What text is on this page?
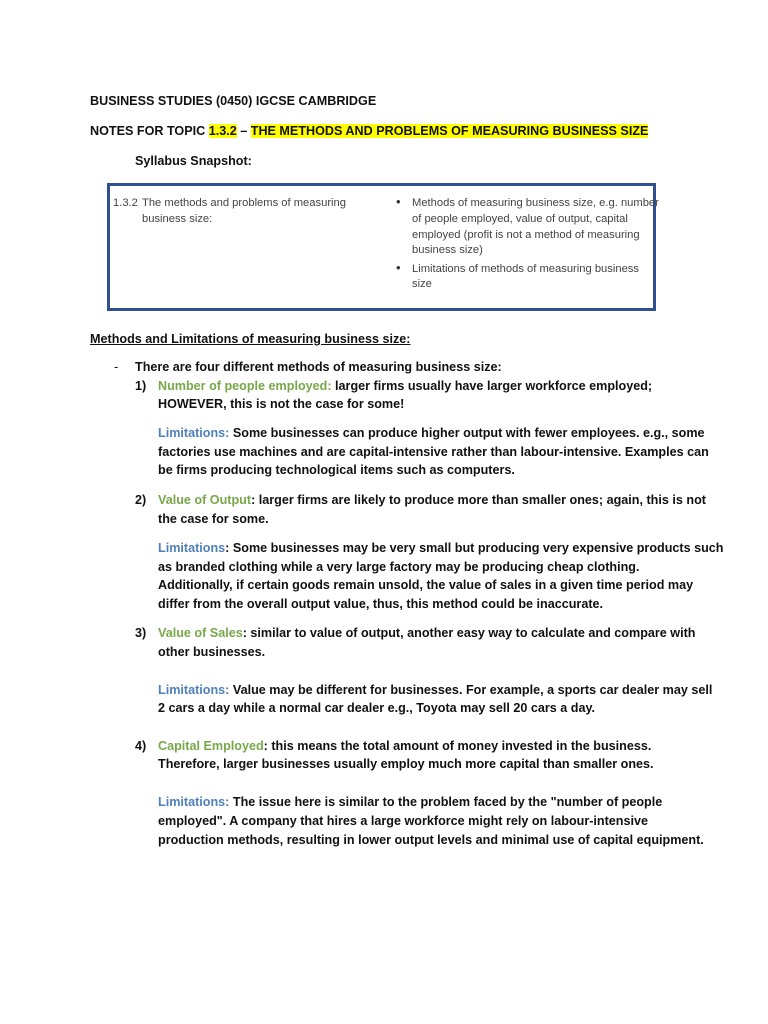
BUSINESS STUDIES (0450) IGCSE CAMBRIDGE
NOTES FOR TOPIC 1.3.2 – THE METHODS AND PROBLEMS OF MEASURING BUSINESS SIZE
Syllabus Snapshot:
1.3.2 The methods and problems of measuring
business size:
• Methods of measuring business size, e.g. number
of people employed, value of output, capital
employed (profit is not a method of measuring
business size)
• Limitations of methods of measuring business
size
Methods and Limitations of measuring business size:
- There are four different methods of measuring business size:
1) Number of people employed: larger firms usually have larger workforce employed;
HOWEVER, this is not the case for some!
Limitations: Some businesses can produce higher output with fewer employees. e.g., some
factories use machines and are capital-intensive rather than labour-intensive. Examples can
be firms producing technological items such as computers.
2) Value of Output: larger firms are likely to produce more than smaller ones; again, this is not
the case for some.
Limitations: Some businesses may be very small but producing very expensive products such
as branded clothing while a very large factory may be producing cheap clothing.
Additionally, if certain goods remain unsold, the value of sales in a given time period may
differ from the overall output value, thus, this method could be inaccurate.
3) Value of Sales: similar to value of output, another easy way to calculate and compare with
other businesses.
Limitations: Value may be different for businesses. For example, a sports car dealer may sell
2 cars a day while a normal car dealer e.g., Toyota may sell 20 cars a day.
4) Capital Employed: this means the total amount of money invested in the business.
Therefore, larger businesses usually employ much more capital than smaller ones.
Limitations: The issue here is similar to the problem faced by the "number of people
employed". A company that hires a large workforce might rely on labour-intensive
production methods, resulting in lower output levels and minimal use of capital equipment.
